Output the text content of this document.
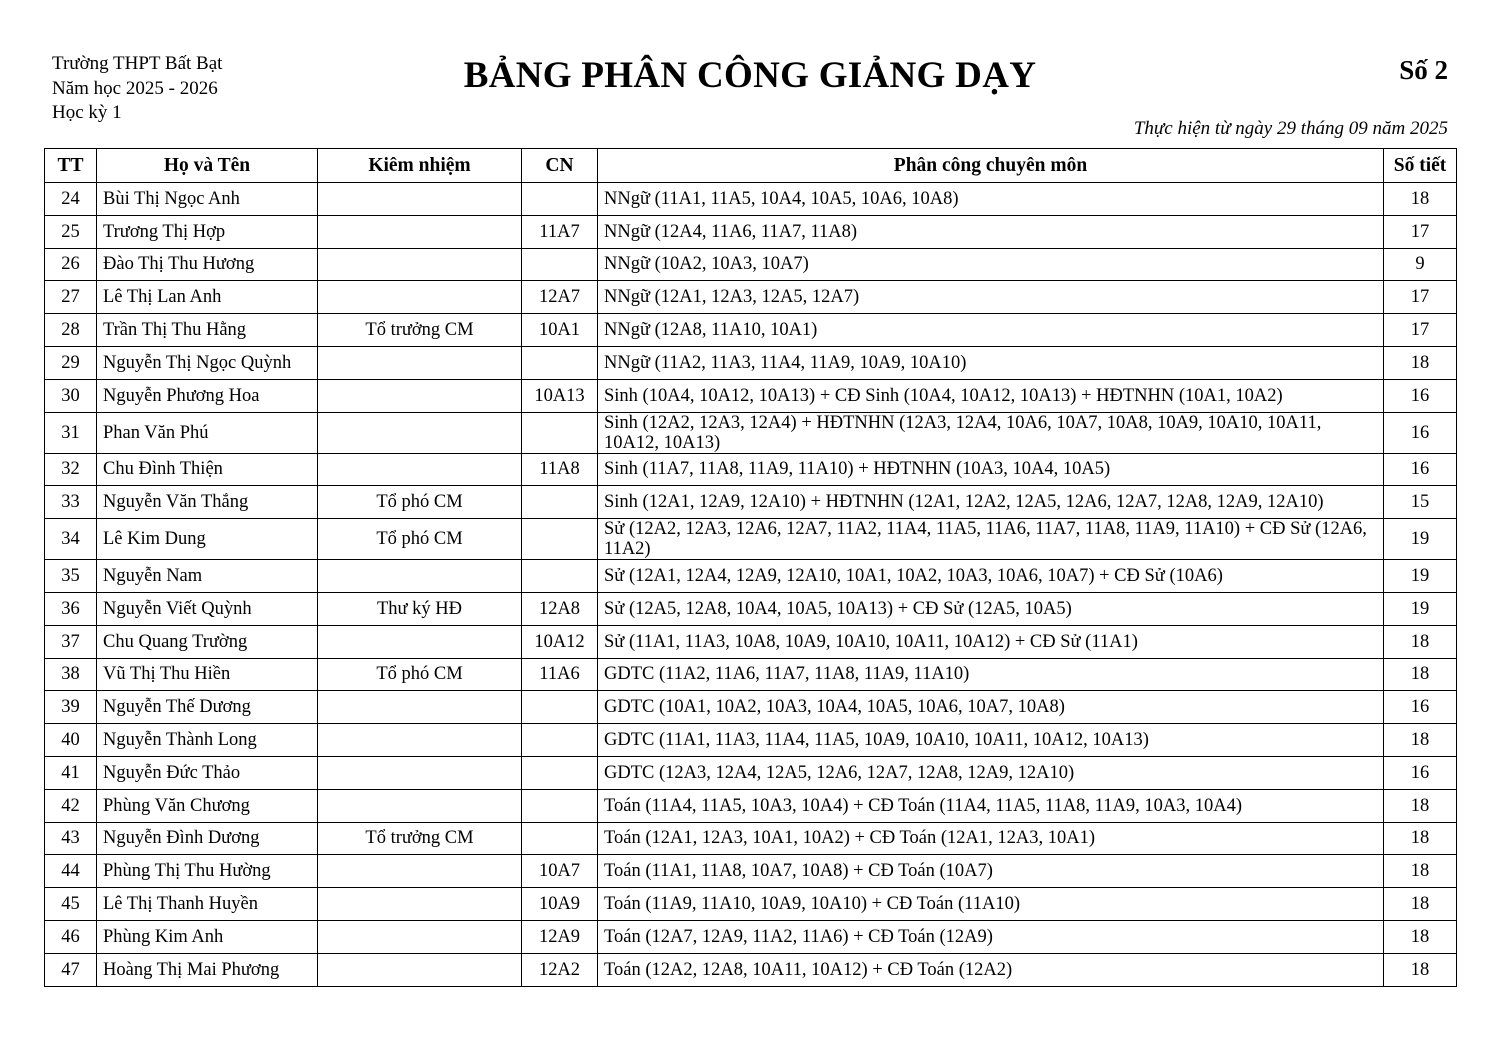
Trường THPT Bất Bạt
Năm học 2025 - 2026
Học kỳ 1
BẢNG PHÂN CÔNG GIẢNG DẠY	Số 2
Thực hiện từ ngày 29 tháng 09 năm 2025
TT	Họ và Tên	Kiêm nhiệm	CN	Phân công chuyên môn	Số tiết
24	Bùi Thị Ngọc Anh			NNgữ (11A1, 11A5, 10A4, 10A5, 10A6, 10A8)	18
25	Trương Thị Hợp		11A7	NNgữ (12A4, 11A6, 11A7, 11A8)	17
26	Đào Thị Thu Hương			NNgữ (10A2, 10A3, 10A7)	9
27	Lê Thị Lan Anh		12A7	NNgữ (12A1, 12A3, 12A5, 12A7)	17
28	Trần Thị Thu Hằng	Tổ trưởng CM	10A1	NNgữ (12A8, 11A10, 10A1)	17
29	Nguyễn Thị Ngọc Quỳnh			NNgữ (11A2, 11A3, 11A4, 11A9, 10A9, 10A10)	18
30	Nguyễn Phương Hoa		10A13	Sinh (10A4, 10A12, 10A13) + CĐ Sinh (10A4, 10A12, 10A13) + HĐTNHN (10A1, 10A2)	16
31	Phan Văn Phú			Sinh (12A2, 12A3, 12A4) + HĐTNHN (12A3, 12A4, 10A6, 10A7, 10A8, 10A9, 10A10, 10A11, 10A12, 10A13)	16
32	Chu Đình Thiện		11A8	Sinh (11A7, 11A8, 11A9, 11A10) + HĐTNHN (10A3, 10A4, 10A5)	16
33	Nguyễn Văn Thắng	Tổ phó CM		Sinh (12A1, 12A9, 12A10) + HĐTNHN (12A1, 12A2, 12A5, 12A6, 12A7, 12A8, 12A9, 12A10)	15
34	Lê Kim Dung	Tổ phó CM		Sử (12A2, 12A3, 12A6, 12A7, 11A2, 11A4, 11A5, 11A6, 11A7, 11A8, 11A9, 11A10) + CĐ Sử (12A6, 11A2)	19
35	Nguyễn Nam			Sử (12A1, 12A4, 12A9, 12A10, 10A1, 10A2, 10A3, 10A6, 10A7) + CĐ Sử (10A6)	19
36	Nguyễn Viết Quỳnh	Thư ký HĐ	12A8	Sử (12A5, 12A8, 10A4, 10A5, 10A13) + CĐ Sử (12A5, 10A5)	19
37	Chu Quang Trường		10A12	Sử (11A1, 11A3, 10A8, 10A9, 10A10, 10A11, 10A12) + CĐ Sử (11A1)	18
38	Vũ Thị Thu Hiền	Tổ phó CM	11A6	GDTC (11A2, 11A6, 11A7, 11A8, 11A9, 11A10)	18
39	Nguyễn Thế Dương			GDTC (10A1, 10A2, 10A3, 10A4, 10A5, 10A6, 10A7, 10A8)	16
40	Nguyễn Thành Long			GDTC (11A1, 11A3, 11A4, 11A5, 10A9, 10A10, 10A11, 10A12, 10A13)	18
41	Nguyễn Đức Thảo			GDTC (12A3, 12A4, 12A5, 12A6, 12A7, 12A8, 12A9, 12A10)	16
42	Phùng Văn Chương			Toán (11A4, 11A5, 10A3, 10A4) + CĐ Toán (11A4, 11A5, 11A8, 11A9, 10A3, 10A4)	18
43	Nguyễn Đình Dương	Tổ trưởng CM		Toán (12A1, 12A3, 10A1, 10A2) + CĐ Toán (12A1, 12A3, 10A1)	18
44	Phùng Thị Thu Hường		10A7	Toán (11A1, 11A8, 10A7, 10A8) + CĐ Toán (10A7)	18
45	Lê Thị Thanh Huyền		10A9	Toán (11A9, 11A10, 10A9, 10A10) + CĐ Toán (11A10)	18
46	Phùng Kim Anh		12A9	Toán (12A7, 12A9, 11A2, 11A6) + CĐ Toán (12A9)	18
47	Hoàng Thị Mai Phương		12A2	Toán (12A2, 12A8, 10A11, 10A12) + CĐ Toán (12A2)	18
